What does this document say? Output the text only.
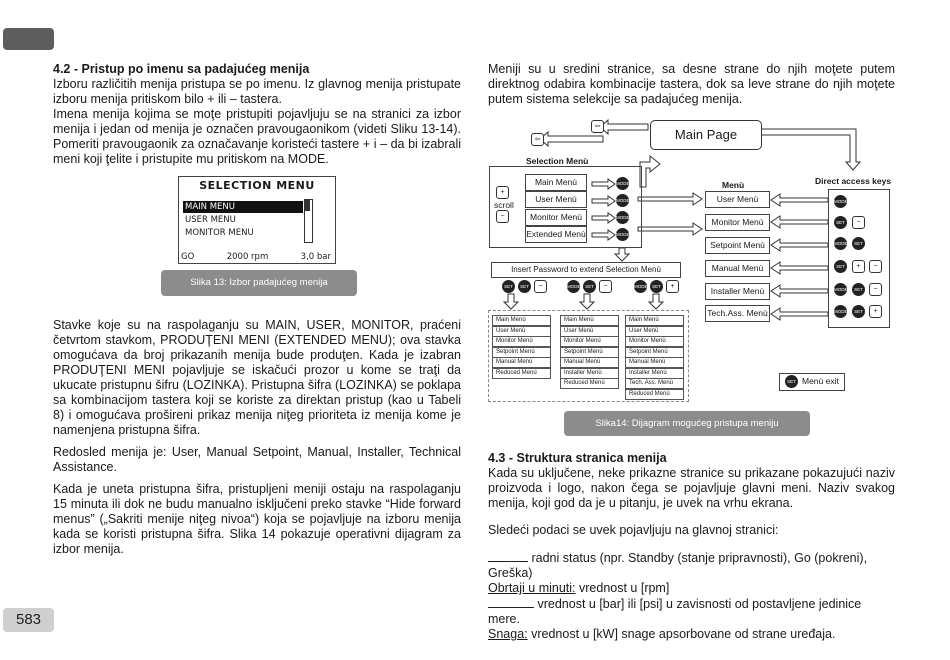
583
4.2 - Pristup po imenu sa padajućeg menija

Izboru različitih menija pristupa se po imenu. Iz glavnog menija pristupate izboru menija pritiskom bilo + ili – tastera.

Imena menija kojima se moţe pristupiti pojavljuju se na stranici za izbor menija i jedan od menija je označen pravougaonikom (videti Sliku 13-14). Pomeriti pravougaonik za označavanje koristeći tastere + i – da bi izabrali meni koji ţelite i pristupite mu pritiskom na MODE.

SELECTION MENU
MAIN MENU
USER MENU
MONITOR MENU
GO	2000 rpm	3,0 bar
Slika 13: Izbor padajućeg menija

Stavke koje su na raspolaganju su MAIN, USER, MONITOR, praćeni četvrtom stavkom, PRODUŢENI MENI (EXTENDED MENU); ova stavka omogućava da broj prikazanih menija bude produţen. Kada je izabran PRODUŢENI MENI pojavljuje se iskačući prozor u kome se traţi da ukucate pristupnu šifru (LOZINKA). Pristupna šifra (LOZINKA) se poklapa sa kombinacijom tastera koji se koriste za direktan pristup (kao u Tabeli 8) i omogućava prošireni prikaz menija niţeg prioriteta iz menija kome je namenjena pristupna šifra.

Redosled menija je: User, Manual Setpoint, Manual, Installer, Technical Assistance.

Kada je uneta pristupna šifra, pristupljeni meniji ostaju na raspolaganju 15 minuta ili dok ne budu manualno isključeni preko stavke “Hide forward menus” („Sakriti menije niţeg nivoa“) koja se pojavljuje na izboru menija kada se koristi pristupna šifra. Slika 14 pokazuje operativni dijagram za izbor menija.

Meniji su u sredini stranice, sa desne strane do njih moţete putem direktnog odabira kombinacije tastera, dok sa leve strane do njih moţete putem sistema selekcije sa padajućeg menija.

Main Page
⇦
⇦
Selection Menù
+
scroll
−
Main Menù
User Menù
Monitor Menù
Extended Menù
MODE
MODE
MODE
MODE
Insert Password to extend Selection Menù
SET	SET	−	MODE	SET	−	MODE	SET	+
Main Menù
User Menù
Monitor Menù
Setpoint Menù
Manual Menù
Reduced Menù
Main Menù
User Menù
Monitor Menù
Setpoint Menù
Manual Menù
Installer Menù
Reduced Menù
Main Menù
User Menù
Monitor Menù
Setpoint Menù
Manual Menù
Installer Menù
Tech. Ass. Menù
Reduced Menù
Menù	Direct access keys
User Menù
Monitor Menù
Setpoint Menù
Manual Menù
Installer Menù
Tech.Ass. Menù
MODE
SET	−
MODE	SET
SET	+	−
MODE	SET	−
MODE	SET	+
SET Menù exit
Slika14: Dijagram mogućeg pristupa meniju
4.3 - Struktura stranica menija

Kada su uključene, neke prikazne stranice su prikazane pokazujući naziv proizvoda i logo, nakon čega se pojavljuje glavni meni. Naziv svakog menija, koji god da je u pitanju, je uvek na vrhu ekrana.

Sledeći podaci se uvek pojavljuju na glavnoj stranici:

radni status (npr. Standby (stanje pripravnosti), Go (pokreni), Greška)
Obrtaji u minuti: vrednost u [rpm]
vrednost u [bar] ili [psi] u zavisnosti od postavljene jedinice mere.
Snaga: vrednost u [kW] snage apsorbovane od strane uređaja.
